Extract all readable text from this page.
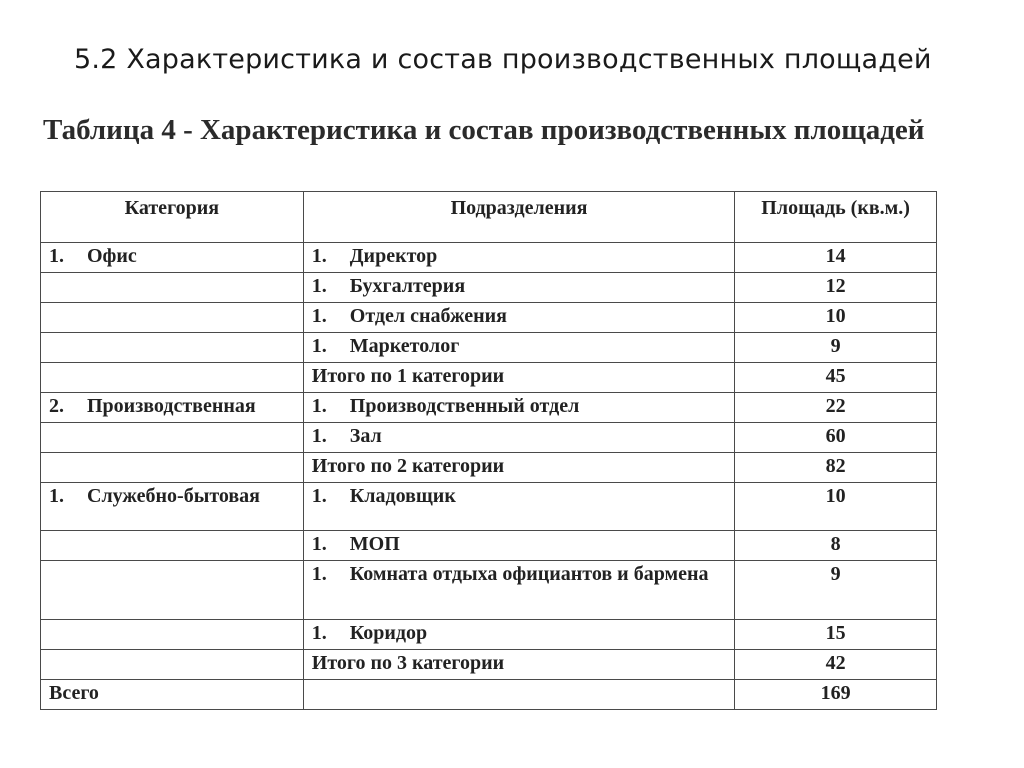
5.2 Характеристика и состав производственных площадей
Таблица 4 - Характеристика и состав производственных площадей
Категория	Подразделения	Площадь (кв.м.)
1. Офис	1. Директор	14

	1. Бухгалтерия	12

	1. Отдел снабжения	10

	1. Маркетолог	9
	Итого по 1 категории	45
2. Производственная	1. Производственный отдел	22

	1. Зал	60
	Итого по 2 категории	82
1. Служебно-бытовая	1. Кладовщик	10

	1. МОП	8

	1. Комната отдыха официантов и бармена	9

	1. Коридор	15
	Итого по 3 категории	42
Всего		169
